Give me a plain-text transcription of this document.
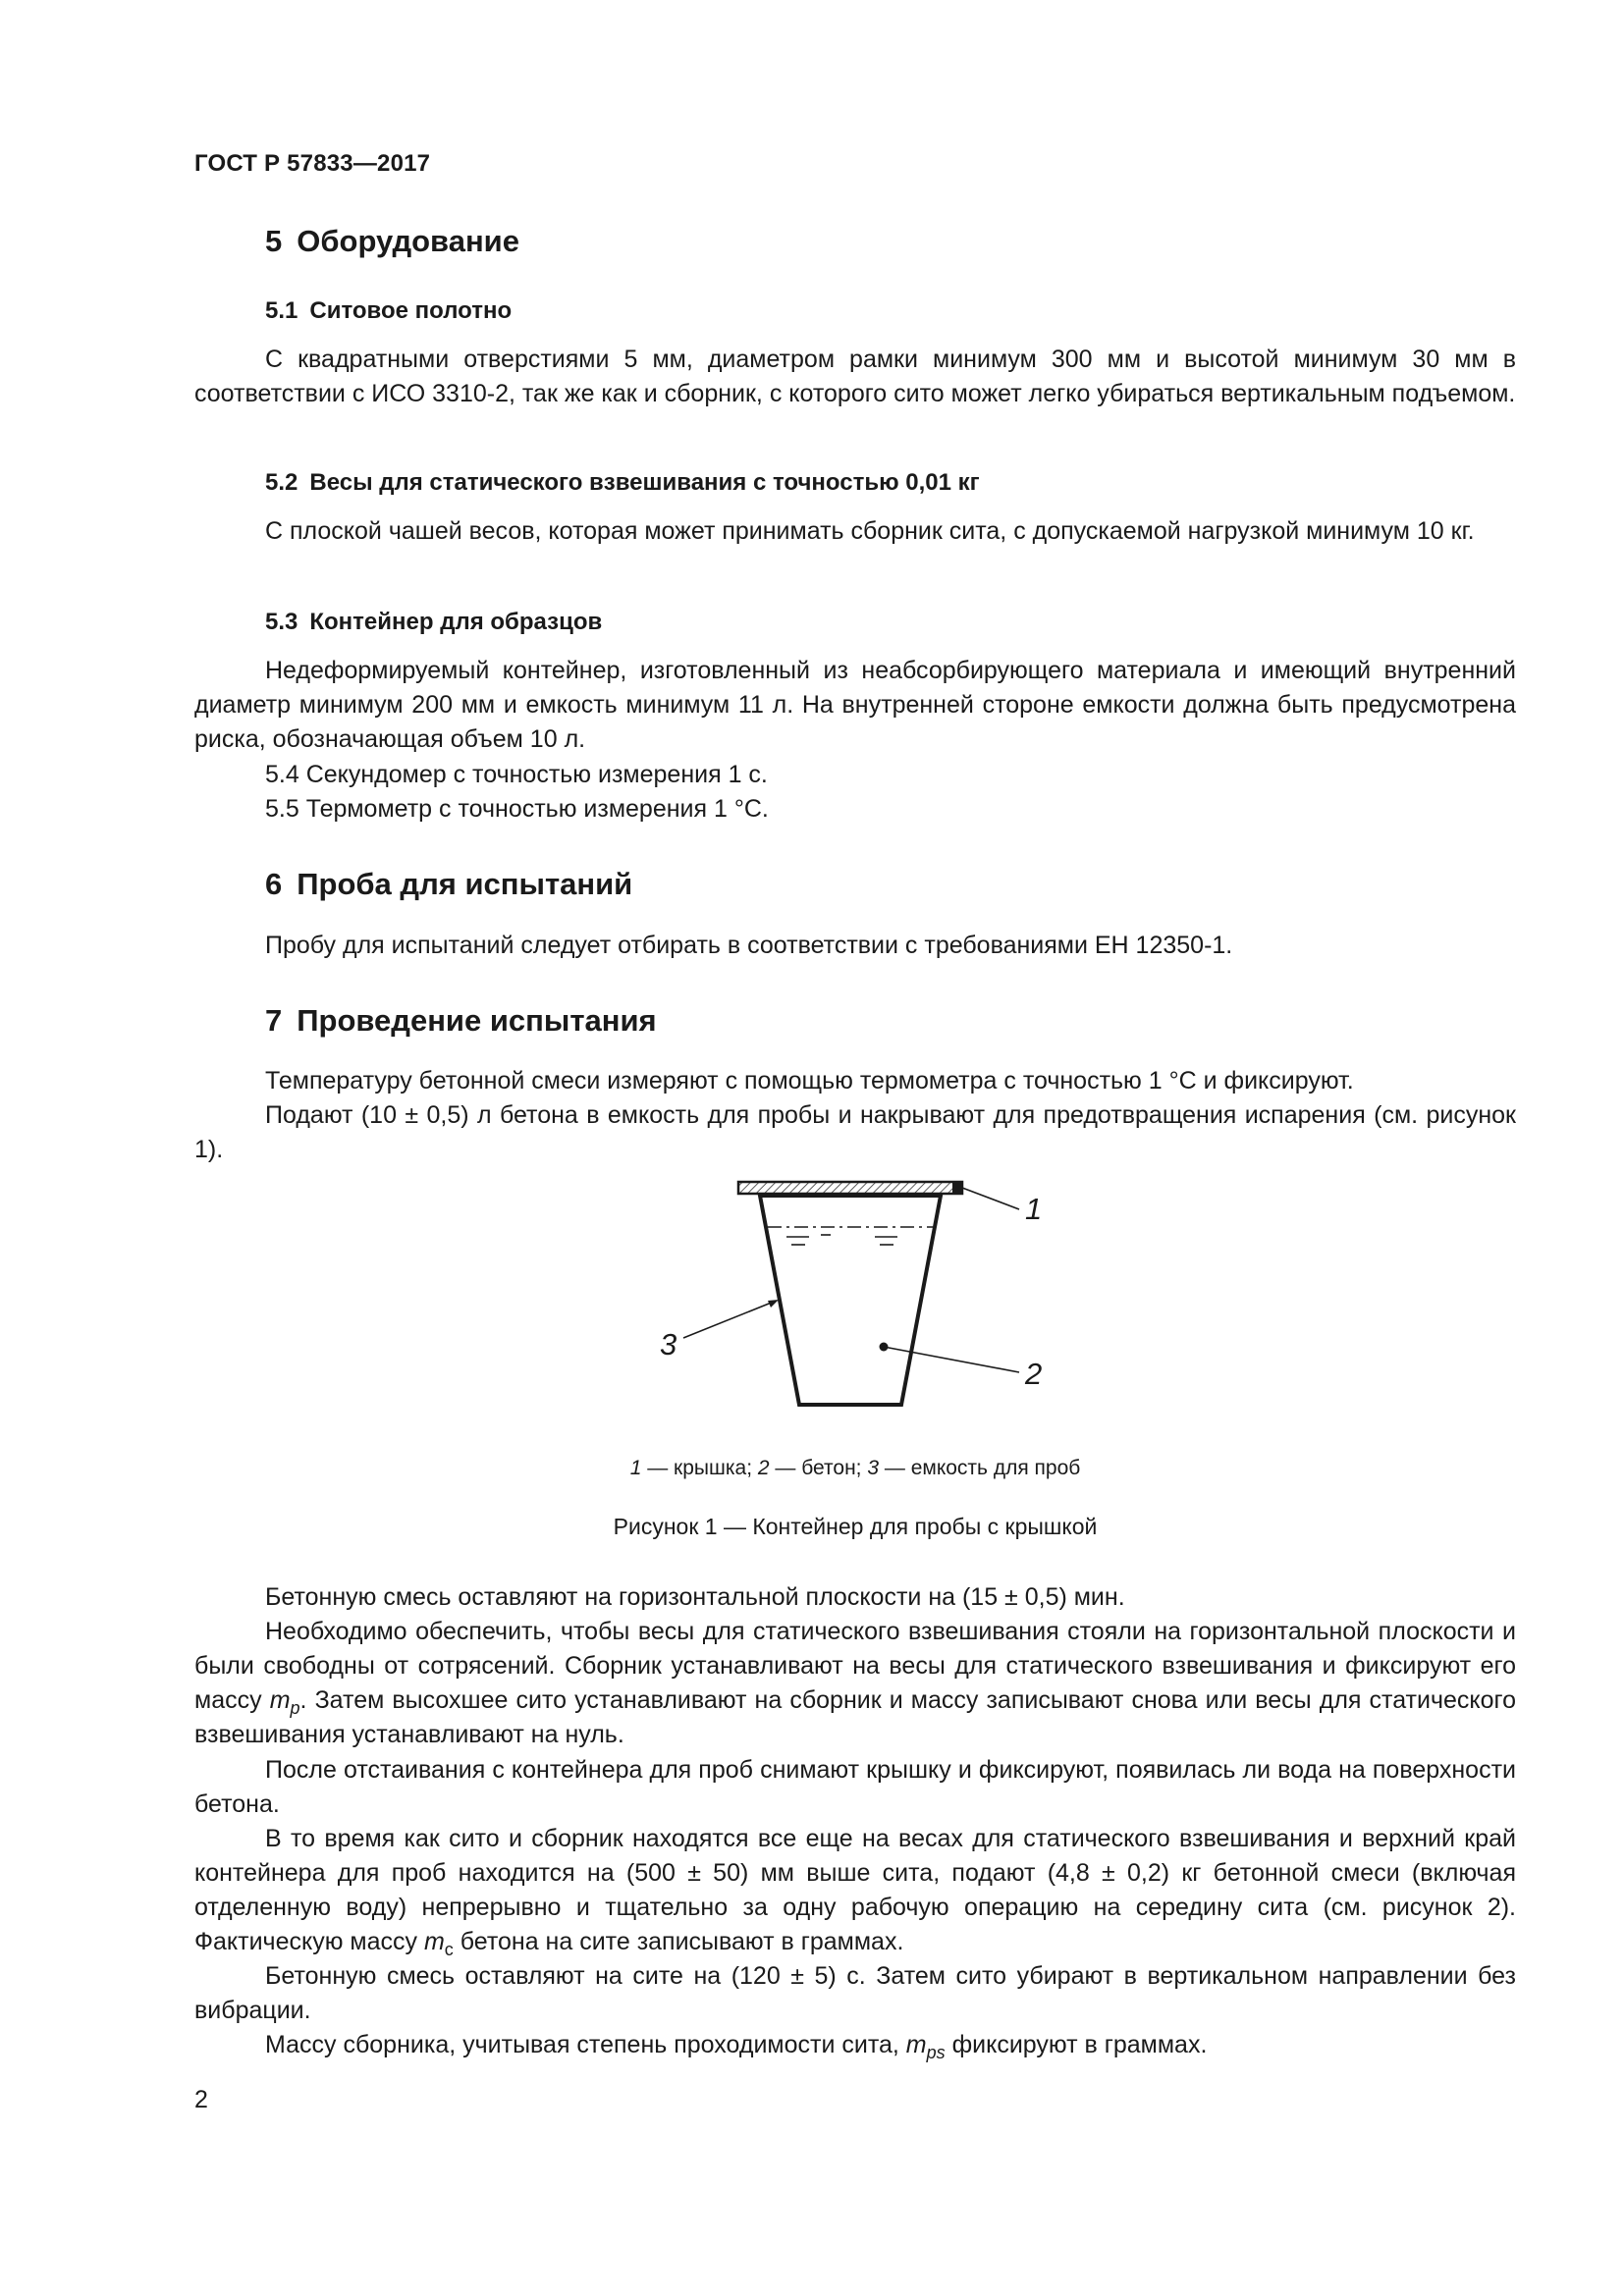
ГОСТ Р 57833—2017
5 Оборудование
5.1 Ситовое полотно

С квадратными отверстиями 5 мм, диаметром рамки минимум 300 мм и высотой минимум 30 мм в соответствии с ИСО 3310-2, так же как и сборник, с которого сито может легко убираться вертикальным подъемом.

5.2 Весы для статического взвешивания с точностью 0,01 кг

С плоской чашей весов, которая может принимать сборник сита, с допускаемой нагрузкой минимум 10 кг.

5.3 Контейнер для образцов

Недеформируемый контейнер, изготовленный из неабсорбирующего материала и имеющий внутренний диаметр минимум 200 мм и емкость минимум 11 л. На внутренней стороне емкости должна быть предусмотрена риска, обозначающая объем 10 л.

5.4 Секундомер с точностью измерения 1 с.

5.5 Термометр с точностью измерения 1 °С.

6 Проба для испытаний

Пробу для испытаний следует отбирать в соответствии с требованиями ЕН 12350-1.

7 Проведение испытания

Температуру бетонной смеси измеряют с помощью термометра с точностью 1 °С и фиксируют.

Подают (10 ± 0,5) л бетона в емкость для пробы и накрывают для предотвращения испарения (см. рисунок 1).

1
2
3
1 — крышка; 2 — бетон; 3 — емкость для проб
Рисунок 1 — Контейнер для пробы с крышкой

Бетонную смесь оставляют на горизонтальной плоскости на (15 ± 0,5) мин.

Необходимо обеспечить, чтобы весы для статического взвешивания стояли на горизонтальной плоскости и были свободны от сотрясений. Сборник устанавливают на весы для статического взвешивания и фиксируют его массу $m_p$. Затем высохшее сито устанавливают на сборник и массу записывают снова или весы для статического взвешивания устанавливают на нуль.

После отстаивания с контейнера для проб снимают крышку и фиксируют, появилась ли вода на поверхности бетона.

В то время как сито и сборник находятся все еще на весах для статического взвешивания и верхний край контейнера для проб находится на (500 ± 50) мм выше сита, подают (4,8 ± 0,2) кг бетонной смеси (включая отделенную воду) непрерывно и тщательно за одну рабочую операцию на середину сита (см. рисунок 2). Фактическую массу $m_c$ бетона на сите записывают в граммах.

Бетонную смесь оставляют на сите на (120 ± 5) с. Затем сито убирают в вертикальном направлении без вибрации.

Массу сборника, учитывая степень проходимости сита, $m_{ps}$ фиксируют в граммах.

2
